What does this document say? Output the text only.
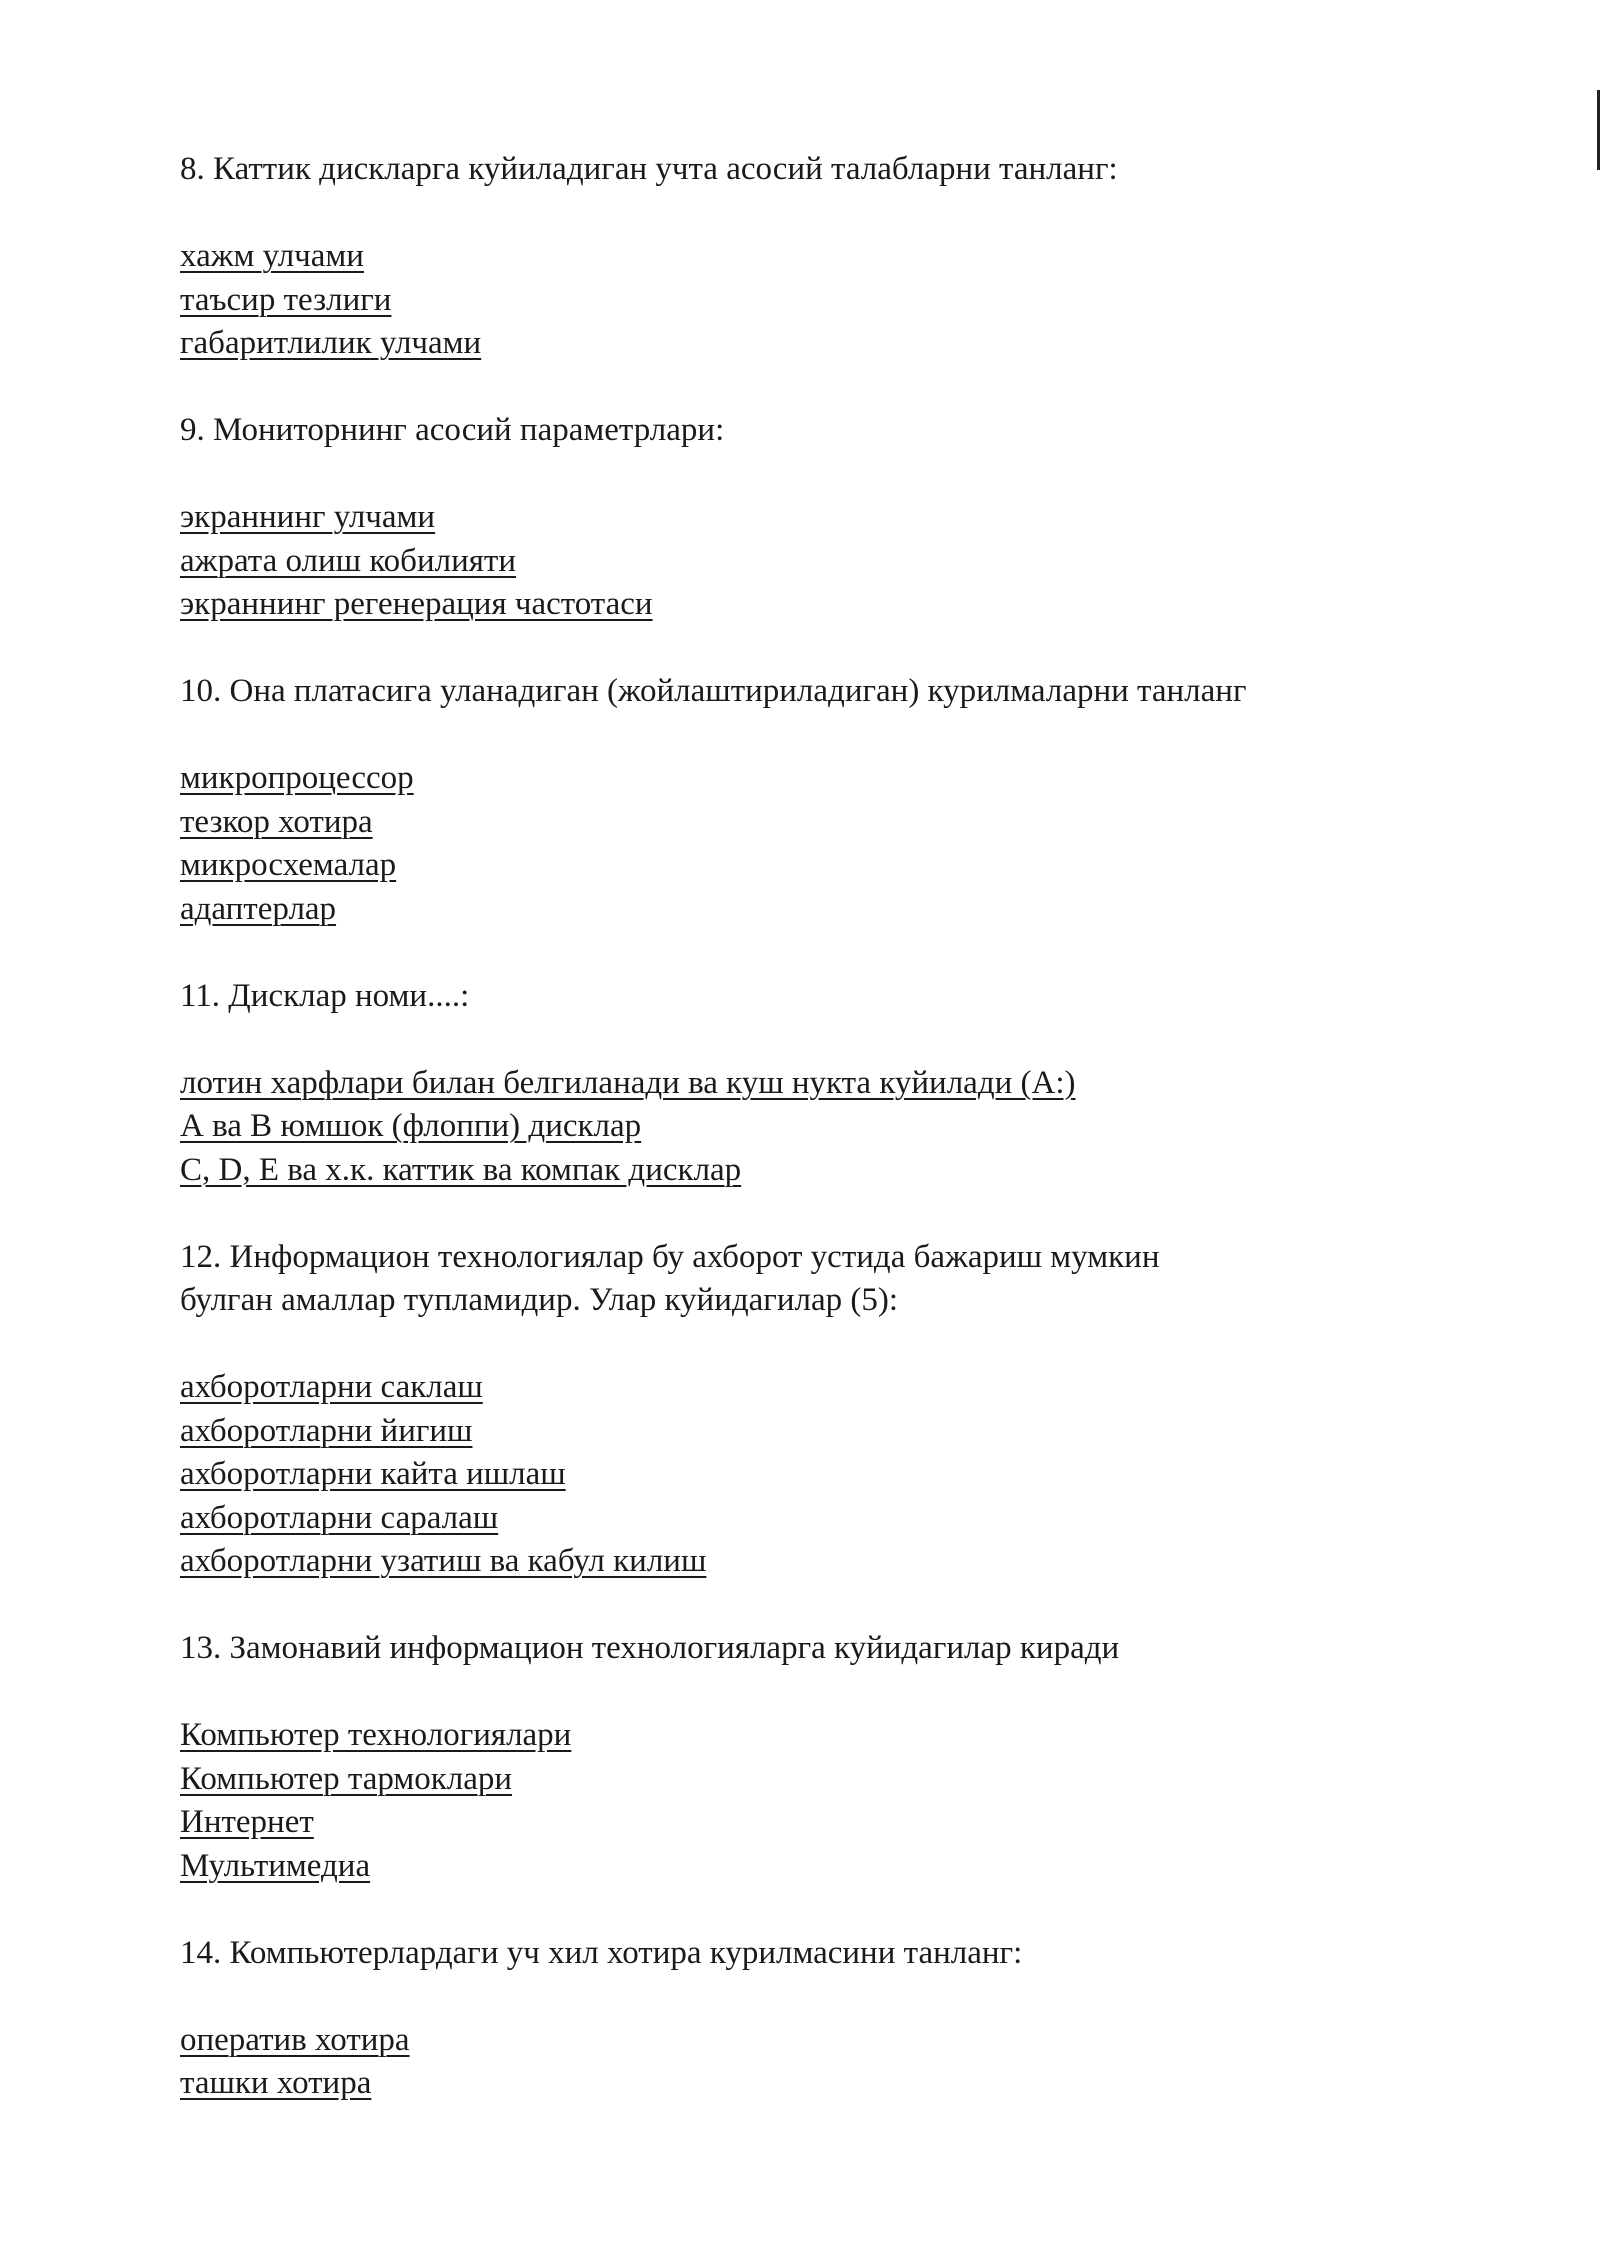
8. Каттик дискларга куйиладиган учта асосий талабларни танланг:

хажм улчами
таъсир тезлиги
габаритлилик улчами

9. Мониторнинг асосий параметрлари:

экраннинг улчами
ажрата олиш кобилияти
экраннинг регенерация частотаси

10. Она платасига уланадиган (жойлаштириладиган) курилмаларни танланг

микропроцессор
тезкор хотира
микросхемалар
адаптерлар

11. Дисклар номи....:

лотин харфлари билан белгиланади ва куш нукта куйилади (А:)
А ва В юмшок (флоппи) дисклар
С, D, Е ва х.к. каттик ва компак дисклар

12. Информацион технологиялар бу ахборот устида бажариш мумкин

булган амаллар тупламидир. Улар куйидагилар (5):

ахборотларни саклаш
ахборотларни йигиш
ахборотларни кайта ишлаш
ахборотларни саралаш
ахборотларни узатиш ва кабул килиш

13. Замонавий информацион технологияларга куйидагилар киради

Компьютер технологиялари
Компьютер тармоклари
Интернет
Мультимедиа

14. Компьютерлардаги уч хил хотира курилмасини танланг:

оператив хотира
ташки хотира
